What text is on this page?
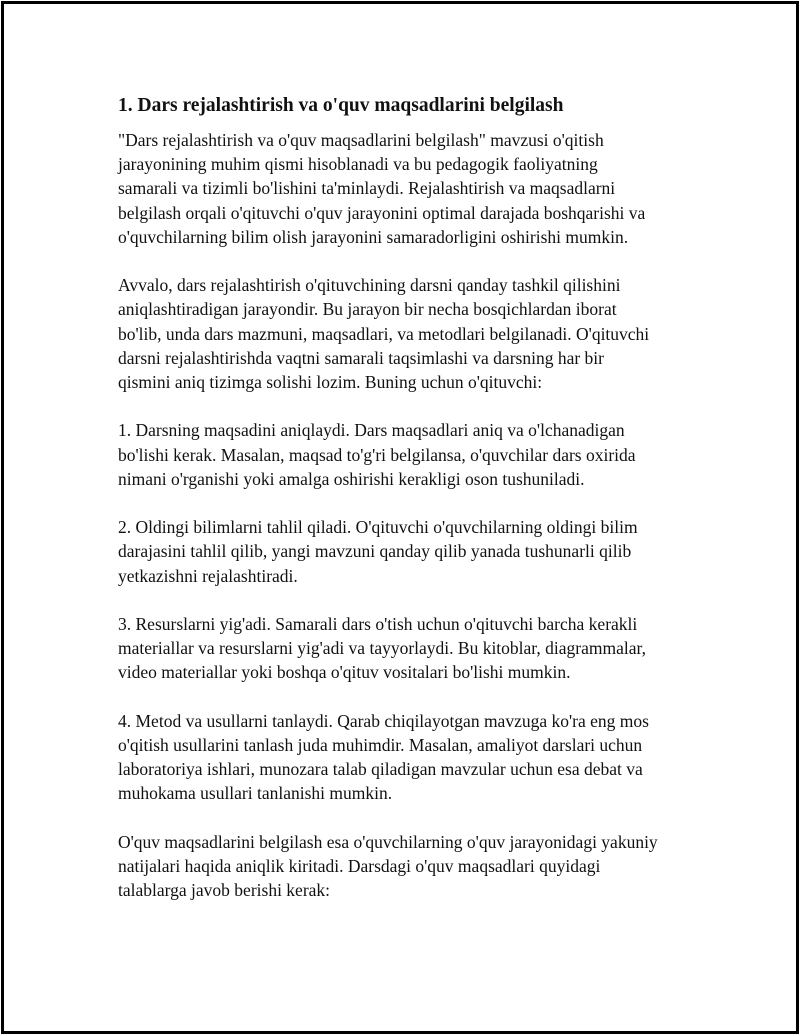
1. Dars rejalashtirish va o'quv maqsadlarini belgilash
"Dars rejalashtirish va o'quv maqsadlarini belgilash" mavzusi o'qitish
jarayonining muhim qismi hisoblanadi va bu pedagogik faoliyatning
samarali va tizimli bo'lishini ta'minlaydi. Rejalashtirish va maqsadlarni
belgilash orqali o'qituvchi o'quv jarayonini optimal darajada boshqarishi va
o'quvchilarning bilim olish jarayonini samaradorligini oshirishi mumkin.
Avvalo, dars rejalashtirish o'qituvchining darsni qanday tashkil qilishini
aniqlashtiradigan jarayondir. Bu jarayon bir necha bosqichlardan iborat
bo'lib, unda dars mazmuni, maqsadlari, va metodlari belgilanadi. O'qituvchi
darsni rejalashtirishda vaqtni samarali taqsimlashi va darsning har bir
qismini aniq tizimga solishi lozim. Buning uchun o'qituvchi:
1. Darsning maqsadini aniqlaydi. Dars maqsadlari aniq va o'lchanadigan
bo'lishi kerak. Masalan, maqsad to'g'ri belgilansa, o'quvchilar dars oxirida
nimani o'rganishi yoki amalga oshirishi kerakligi oson tushuniladi.
2. Oldingi bilimlarni tahlil qiladi. O'qituvchi o'quvchilarning oldingi bilim
darajasini tahlil qilib, yangi mavzuni qanday qilib yanada tushunarli qilib
yetkazishni rejalashtiradi.
3. Resurslarni yig'adi. Samarali dars o'tish uchun o'qituvchi barcha kerakli
materiallar va resurslarni yig'adi va tayyorlaydi. Bu kitoblar, diagrammalar,
video materiallar yoki boshqa o'qituv vositalari bo'lishi mumkin.
4. Metod va usullarni tanlaydi. Qarab chiqilayotgan mavzuga ko'ra eng mos
o'qitish usullarini tanlash juda muhimdir. Masalan, amaliyot darslari uchun
laboratoriya ishlari, munozara talab qiladigan mavzular uchun esa debat va
muhokama usullari tanlanishi mumkin.
O'quv maqsadlarini belgilash esa o'quvchilarning o'quv jarayonidagi yakuniy
natijalari haqida aniqlik kiritadi. Darsdagi o'quv maqsadlari quyidagi
talablarga javob berishi kerak:
